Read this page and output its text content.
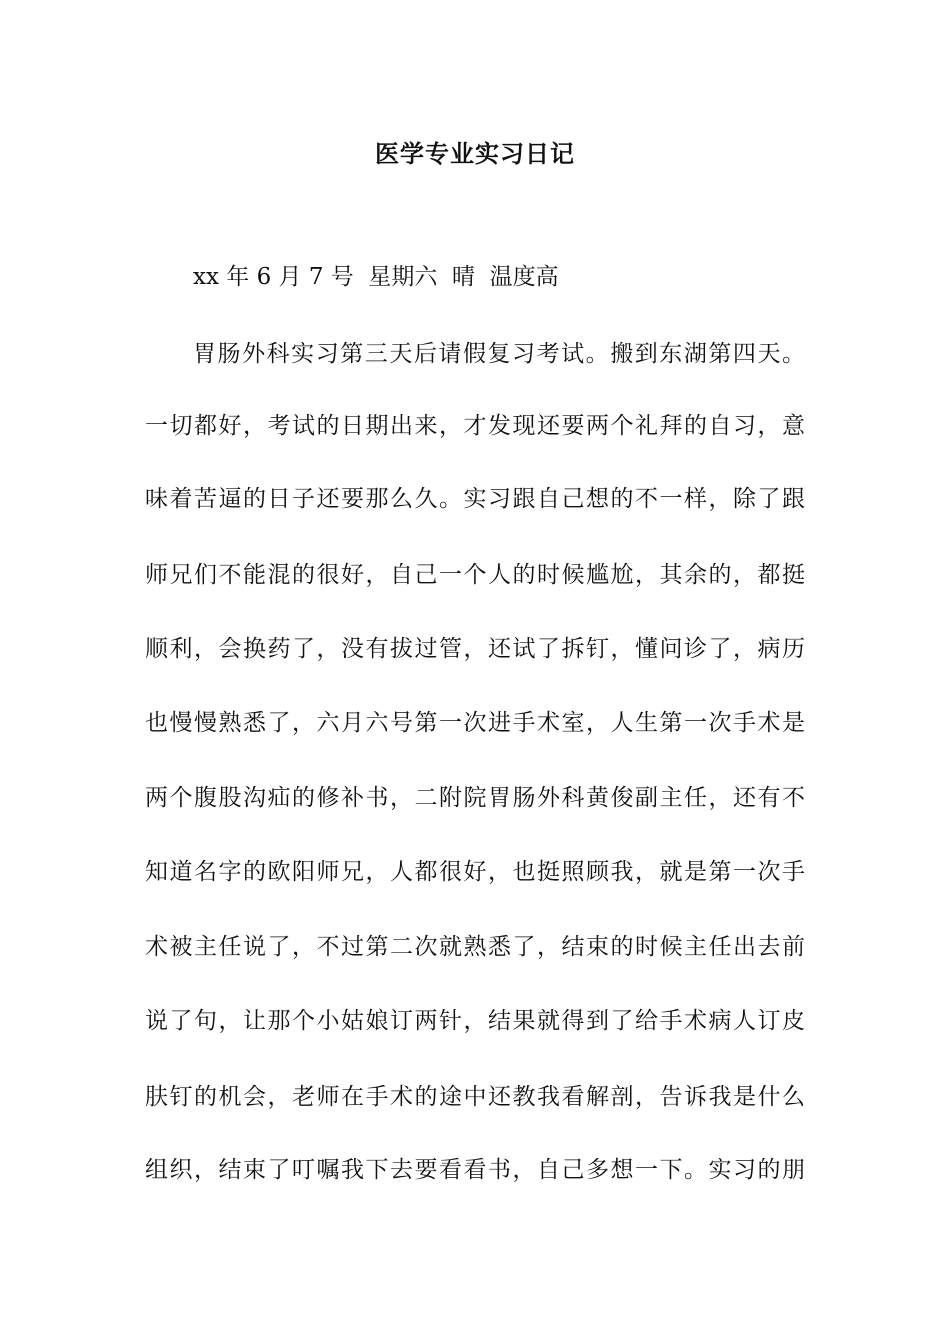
医学专业实习日记
xx 年 6 月 7 号  星期六  晴  温度高
胃肠外科实习第三天后请假复习考试。搬到东湖第四天。
一切都好，考试的日期出来，才发现还要两个礼拜的自习，意
味着苦逼的日子还要那么久。实习跟自己想的不一样，除了跟
师兄们不能混的很好，自己一个人的时候尴尬，其余的，都挺
顺利，会换药了，没有拔过管，还试了拆钉，懂问诊了，病历
也慢慢熟悉了，六月六号第一次进手术室，人生第一次手术是
两个腹股沟疝的修补书，二附院胃肠外科黄俊副主任，还有不
知道名字的欧阳师兄，人都很好，也挺照顾我，就是第一次手
术被主任说了，不过第二次就熟悉了，结束的时候主任出去前
说了句，让那个小姑娘订两针，结果就得到了给手术病人订皮
肤钉的机会，老师在手术的途中还教我看解剖，告诉我是什么
组织，结束了叮嘱我下去要看看书，自己多想一下。实习的朋
